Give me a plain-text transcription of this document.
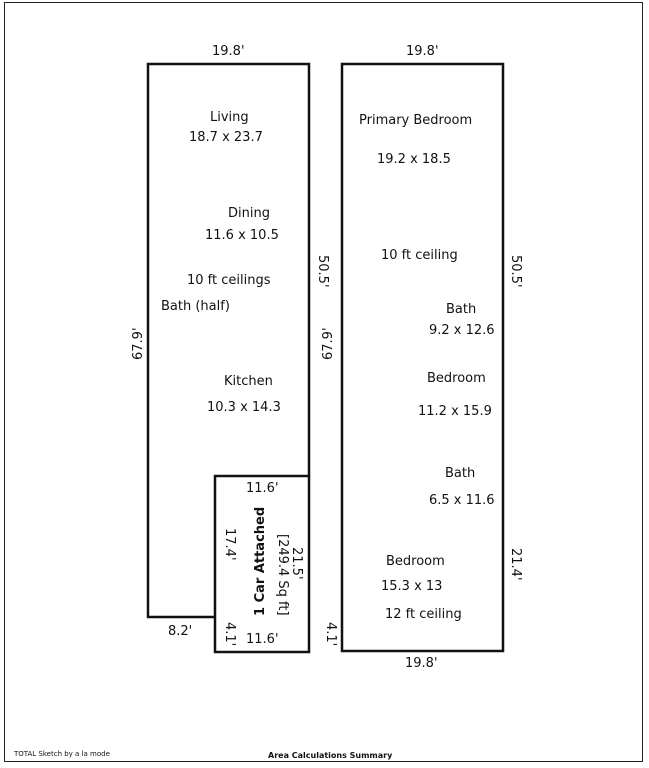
19.8'
67.9'
50.5'
8.2'
Living
18.7 x 23.7
Dining
11.6 x 10.5
10 ft ceilings
Bath (half)
Kitchen
10.3 x 14.3
11.6'
17.4'
21.5'
4.1' 11.6'
1 Car Attached [249.4 Sq ft]
19.8'
67.9'
50.5'
21.4'
4.1'
19.8'
Primary Bedroom
19.2 x 18.5
10 ft ceiling
Bath
9.2 x 12.6
Bedroom
11.2 x 15.9
Bath
6.5 x 11.6
Bedroom
15.3 x 13
12 ft ceiling
TOTAL Sketch by a la mode	Area Calculations Summary
